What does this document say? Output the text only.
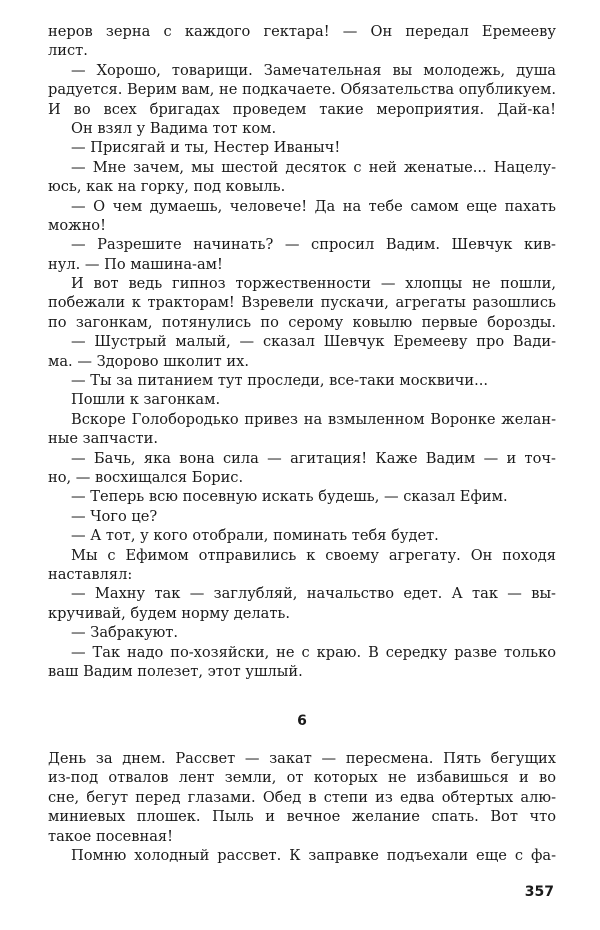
неров зерна с каждого гектара! — Он передал Еремееву
лист.
— Хорошо, товарищи. Замечательная вы молодежь, душа
радуется. Верим вам, не подкачаете. Обязательства опубликуем.
И во всех бригадах проведем такие мероприятия. Дай-ка!
Он взял у Вадима тот ком.
— Присягай и ты, Нестер Иваныч!
— Мне зачем, мы шестой десяток с ней женатые... Нацелу-
юсь, как на горку, под ковыль.
— О чем думаешь, человече! Да на тебе самом еще пахать
можно!
— Разрешите начинать? — спросил Вадим. Шевчук кив-
нул. — По машина-ам!
И вот ведь гипноз торжественности — хлопцы не пошли,
побежали к тракторам! Взревели пускачи, агрегаты разошлись
по загонкам, потянулись по серому ковылю первые борозды.
— Шустрый малый, — сказал Шевчук Еремееву про Вади-
ма. — Здорово школит их.
— Ты за питанием тут проследи, все-таки москвичи...
Пошли к загонкам.
Вскоре Голобородько привез на взмыленном Воронке желан-
ные запчасти.
— Бачь, яка вона сила — агитация! Каже Вадим — и точ-
но, — восхищался Борис.
— Теперь всю посевную искать будешь, — сказал Ефим.
— Чого це?
— А тот, у кого отобрали, поминать тебя будет.
Мы с Ефимом отправились к своему агрегату. Он походя
наставлял:
— Махну так — заглубляй, начальство едет. А так — вы-
кручивай, будем норму делать.
— Забракуют.
— Так надо по-хозяйски, не с краю. В середку разве только
ваш Вадим полезет, этот ушлый.
6
День за днем. Рассвет — закат — пересмена. Пять бегущих
из-под отвалов лент земли, от которых не избавишься и во
сне, бегут перед глазами. Обед в степи из едва обтертых алю-
миниевых плошек. Пыль и вечное желание спать. Вот что
такое посевная!
Помню холодный рассвет. К заправке подъехали еще с фа-
357
